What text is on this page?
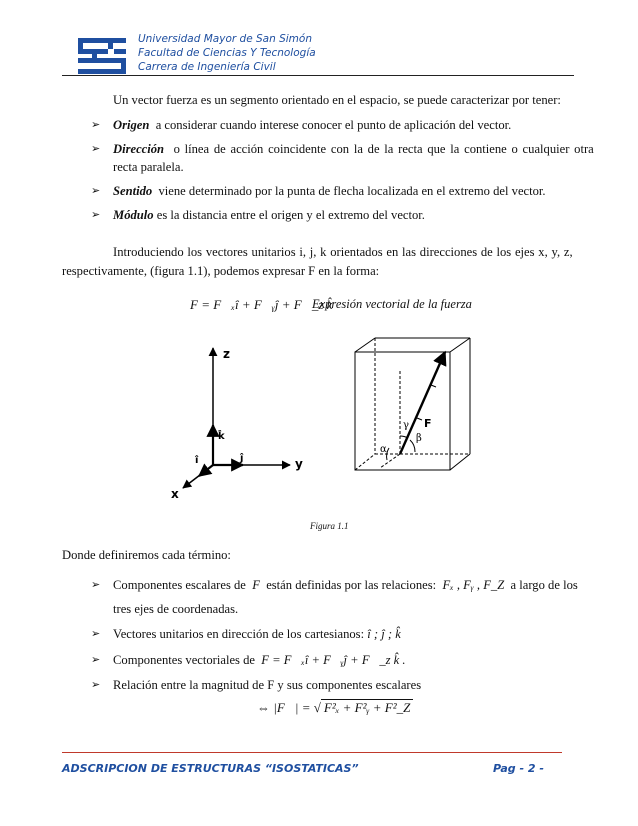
Universidad Mayor de San Simón
Facultad de Ciencias Y Tecnología
Carrera de Ingeniería Civil
Un vector fuerza es un segmento orientado en el espacio, se puede caracterizar por tener:
➢ Origen a considerar cuando interese conocer el punto de aplicación del vector.
➢ Dirección o línea de acción coincidente con la de la recta que la contiene o cualquier otra
recta paralela.
➢ Sentido viene determinado por la punta de flecha localizada en el extremo del vector.
➢ Módulo es la distancia entre el origen y el extremo del vector.
Introduciendo los vectores unitarios i, j, k orientados en las direcciones de los ejes x, y, z,
respectivamente, (figura 1.1), podemos expresar F en la forma:
F = F⃗ₓî + F⃗ᵧĵ + F⃗_z k̂
Expresión vectorial de la fuerza
z
y
x
k̂
ĵ
î
F
γ
β
α
Figura 1.1
Donde definiremos cada término:
➢ Componentes escalares de F están definidas por las relaciones: Fₓ , Fᵧ , F_Z a largo de los
tres ejes de coordenadas.
➢ Vectores unitarios en dirección de los cartesianos: î ; ĵ ; k̂
➢ Componentes vectoriales de F = F⃗ₓî + F⃗ᵧĵ + F⃗_z k̂ .
➢ Relación entre la magnitud de F y sus componentes escalares
⇔ |F⃗| = √ F²ₓ + F²ᵧ + F²_Z
ADSCRIPCION DE ESTRUCTURAS “ISOSTATICAS”	Pag - 2 -
